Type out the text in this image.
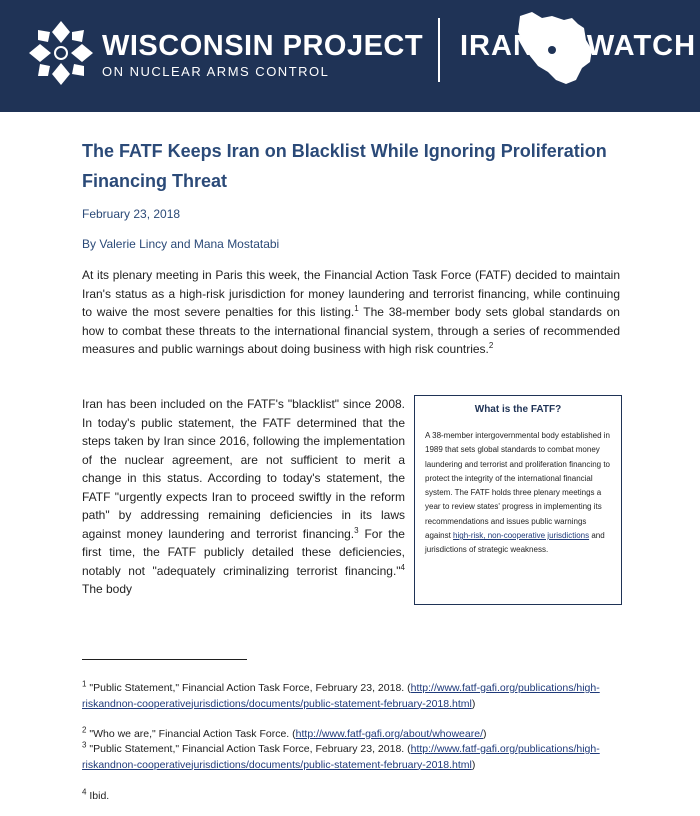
WISCONSIN PROJECT
ON NUCLEAR ARMS CONTROL
IRAN WATCH
The FATF Keeps Iran on Blacklist While Ignoring Proliferation Financing Threat
February 23, 2018
By Valerie Lincy and Mana Mostatabi
At its plenary meeting in Paris this week, the Financial Action Task Force (FATF) decided to maintain Iran's status as a high-risk jurisdiction for money laundering and terrorist financing, while continuing to waive the most severe penalties for this listing.$^1$ The 38-member body sets global standards on how to combat these threats to the international financial system, through a series of recommended measures and public warnings about doing business with high risk countries.$^2$
Iran has been included on the FATF's "blacklist" since 2008. In today's public statement, the FATF determined that the steps taken by Iran since 2016, following the implementation of the nuclear agreement, are not sufficient to merit a change in this status. According to today's statement, the FATF "urgently expects Iran to proceed swiftly in the reform path" by addressing remaining deficiencies in its laws against money laundering and terrorist financing.$^3$ For the first time, the FATF publicly detailed these deficiencies, notably not "adequately criminalizing terrorist financing."$^4$ The body
What is the FATF?
A 38-member intergovernmental body established in 1989 that sets global standards to combat money laundering and terrorist and proliferation financing to protect the integrity of the international financial system. The FATF holds three plenary meetings a year to review states' progress in implementing its recommendations and issues public warnings against high-risk, non-cooperative jurisdictions and jurisdictions of strategic weakness.
$^1$ "Public Statement," Financial Action Task Force, February 23, 2018. (http://www.fatf-gafi.org/publications/high-riskandnon-cooperativejurisdictions/documents/public-statement-february-2018.html)
$^2$ "Who we are," Financial Action Task Force. (http://www.fatf-gafi.org/about/whoweare/)
$^3$ "Public Statement," Financial Action Task Force, February 23, 2018. (http://www.fatf-gafi.org/publications/high-riskandnon-cooperativejurisdictions/documents/public-statement-february-2018.html)
$^4$ Ibid.
